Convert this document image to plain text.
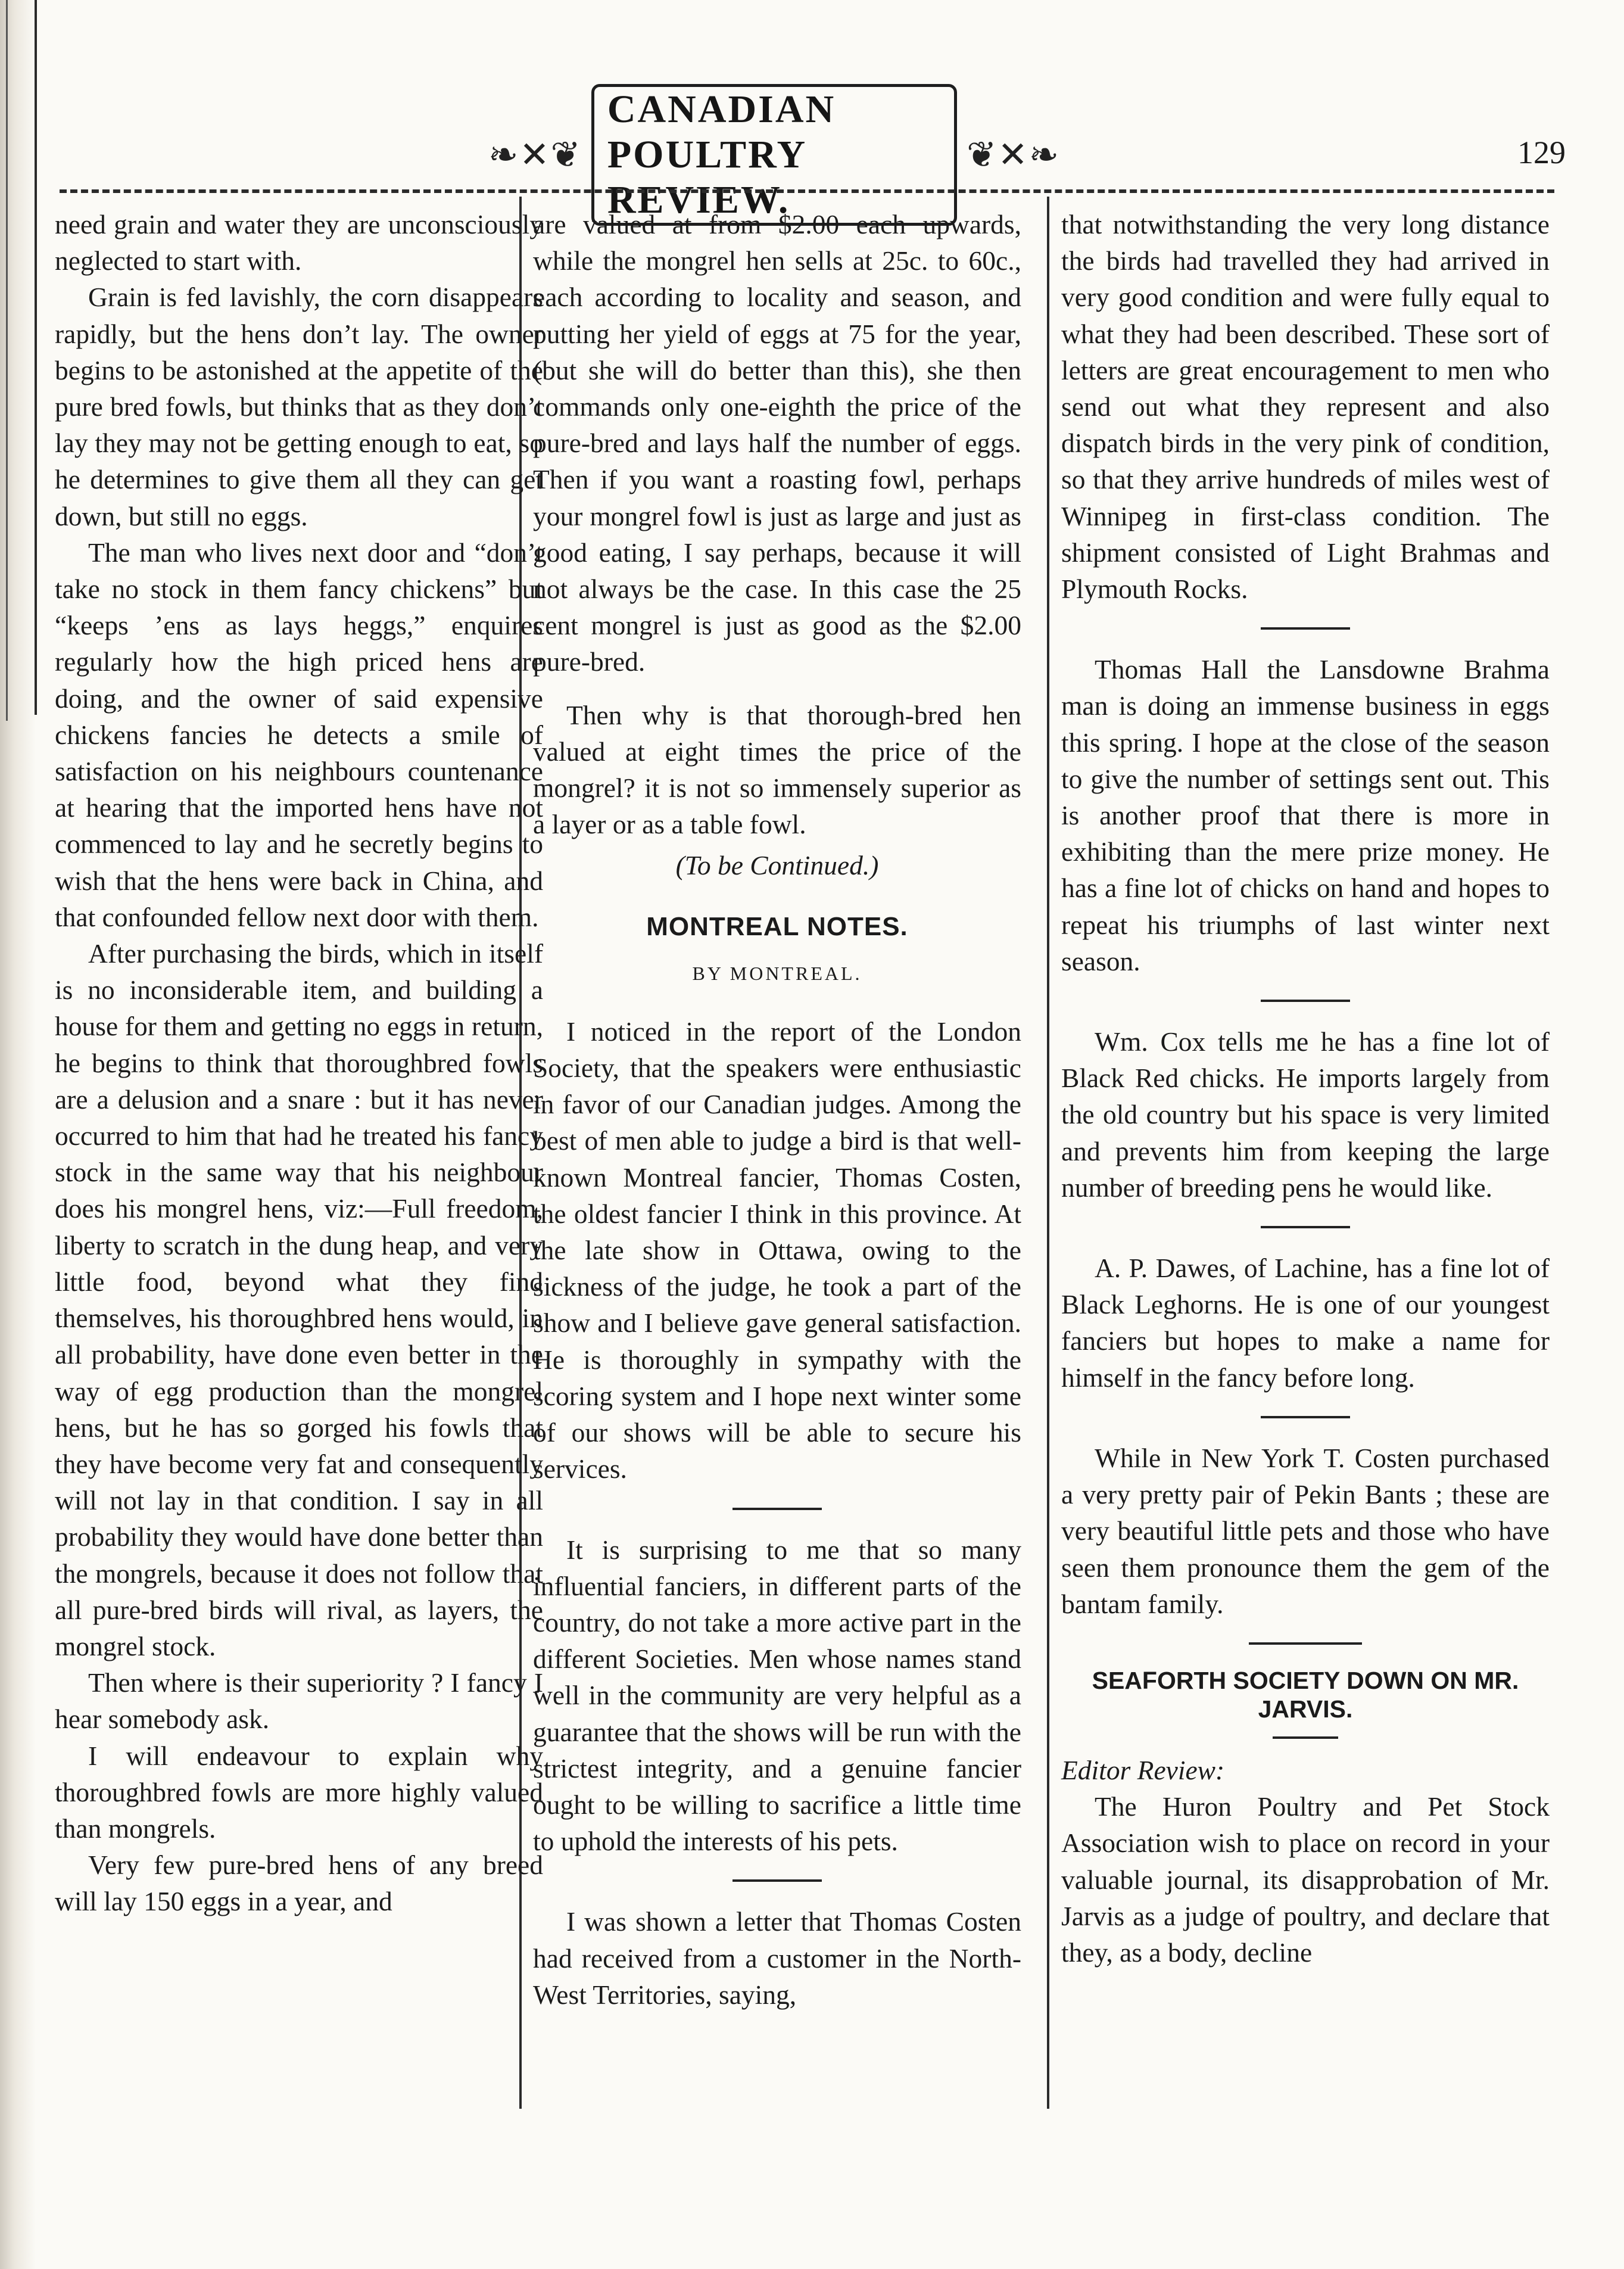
❧✕❦
CANADIAN POULTRY REVIEW.
❦✕❧	129

need grain and water they are unconsciously neglected to start with.

Grain is fed lavishly, the corn disappears rapidly, but the hens don’t lay. The owner begins to be astonished at the appetite of the pure bred fowls, but thinks that as they don’t lay they may not be getting enough to eat, so he determines to give them all they can get down, but still no eggs.

The man who lives next door and “don’t take no stock in them fancy chickens” but “keeps ’ens as lays heggs,” enquires regularly how the high priced hens are doing, and the owner of said expensive chickens fancies he detects a smile of satisfaction on his neighbours countenance at hearing that the imported hens have not commenced to lay and he secretly begins to wish that the hens were back in China, and that confounded fellow next door with them.

After purchasing the birds, which in itself is no inconsiderable item, and building a house for them and getting no eggs in return, he begins to think that thoroughbred fowls are a delusion and a snare : but it has never occurred to him that had he treated his fancy stock in the same way that his neighbour does his mongrel hens, viz:—Full freedom, liberty to scratch in the dung heap, and very little food, beyond what they find themselves, his thoroughbred hens would, in all probability, have done even better in the way of egg production than the mongrel hens, but he has so gorged his fowls that they have become very fat and consequently will not lay in that condition. I say in all probability they would have done better than the mongrels, because it does not follow that all pure-bred birds will rival, as layers, the mongrel stock.

Then where is their superiority ? I fancy I hear somebody ask.

I will endeavour to explain why thoroughbred fowls are more highly valued than mongrels.

Very few pure-bred hens of any breed will lay 150 eggs in a year, and

are valued at from $2.00 each upwards, while the mongrel hen sells at 25c. to 60c., each according to locality and season, and putting her yield of eggs at 75 for the year, (but she will do better than this), she then commands only one-eighth the price of the pure-bred and lays half the number of eggs. Then if you want a roasting fowl, perhaps your mongrel fowl is just as large and just as good eating, I say perhaps, because it will not always be the case. In this case the 25 cent mongrel is just as good as the $2.00 pure-bred.

Then why is that thorough-bred hen valued at eight times the price of the mongrel? it is not so immensely superior as a layer or as a table fowl.

(To be Continued.)

MONTREAL NOTES.
BY MONTREAL.

I noticed in the report of the London Society, that the speakers were enthusiastic in favor of our Canadian judges. Among the best of men able to judge a bird is that well-known Montreal fancier, Thomas Costen, the oldest fancier I think in this province. At the late show in Ottawa, owing to the sickness of the judge, he took a part of the show and I believe gave general satisfaction. He is thoroughly in sympathy with the scoring system and I hope next winter some of our shows will be able to secure his services.

It is surprising to me that so many influential fanciers, in different parts of the country, do not take a more active part in the different Societies. Men whose names stand well in the community are very helpful as a guarantee that the shows will be run with the strictest integrity, and a genuine fancier ought to be willing to sacrifice a little time to uphold the interests of his pets.

I was shown a letter that Thomas Costen had received from a customer in the North-West Territories, saying,

that notwithstanding the very long distance the birds had travelled they had arrived in very good condition and were fully equal to what they had been described. These sort of letters are great encouragement to men who send out what they represent and also dispatch birds in the very pink of condition, so that they arrive hundreds of miles west of Winnipeg in first-class condition. The shipment consisted of Light Brahmas and Plymouth Rocks.

Thomas Hall the Lansdowne Brahma man is doing an immense business in eggs this spring. I hope at the close of the season to give the number of settings sent out. This is another proof that there is more in exhibiting than the mere prize money. He has a fine lot of chicks on hand and hopes to repeat his triumphs of last winter next season.

Wm. Cox tells me he has a fine lot of Black Red chicks. He imports largely from the old country but his space is very limited and prevents him from keeping the large number of breeding pens he would like.

A. P. Dawes, of Lachine, has a fine lot of Black Leghorns. He is one of our youngest fanciers but hopes to make a name for himself in the fancy before long.

While in New York T. Costen purchased a very pretty pair of Pekin Bants ; these are very beautiful little pets and those who have seen them pronounce them the gem of the bantam family.

SEAFORTH SOCIETY DOWN ON MR. JARVIS.

Editor Review:

The Huron Poultry and Pet Stock Association wish to place on record in your valuable journal, its disapprobation of Mr. Jarvis as a judge of poultry, and declare that they, as a body, decline
